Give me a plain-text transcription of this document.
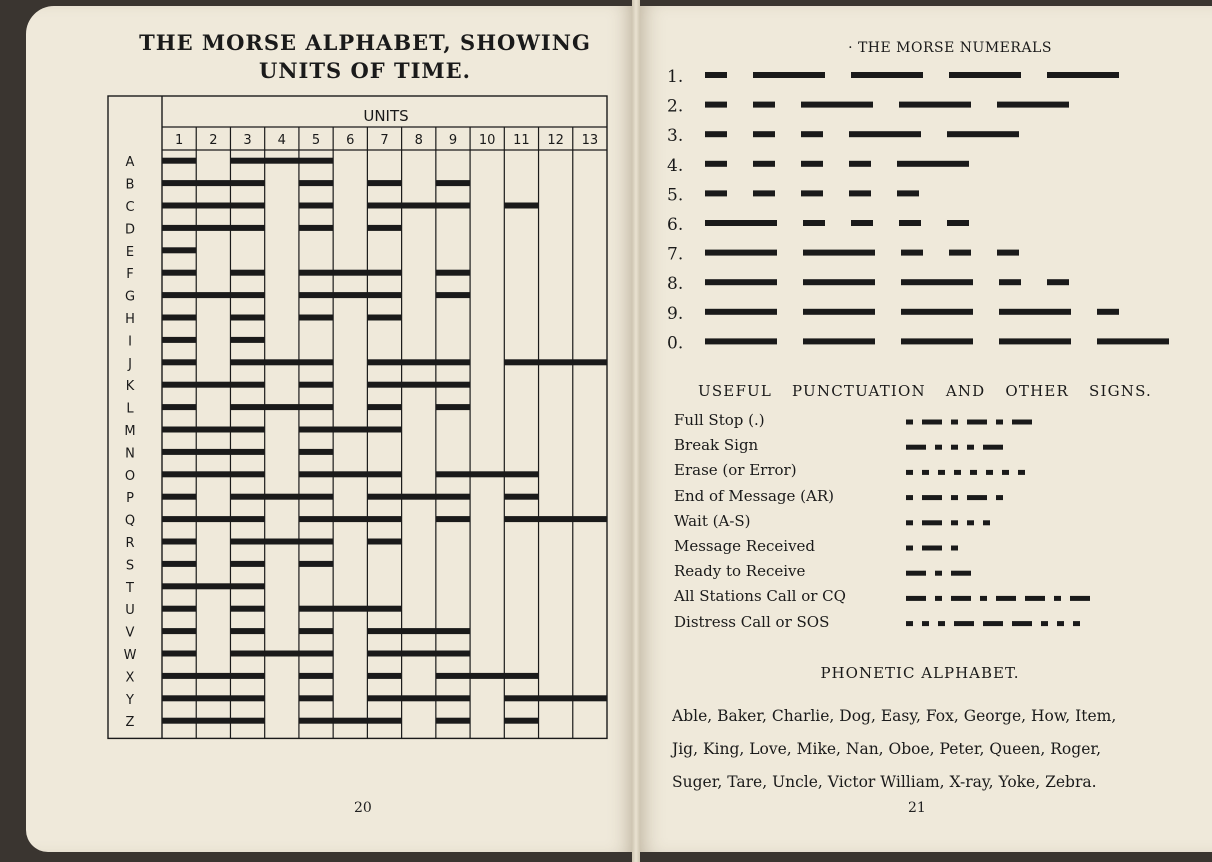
THE MORSE ALPHABET, SHOWING
UNITS OF TIME.
1 2 3 4 5 6 7 8 9 10 11 12 13
A
B
C
D
E
F
G
H
I
J
K
L
M
N
O
P
Q
R
S
T
U
V
W
X
Y
Z
UNITS
· THE MORSE NUMERALS
1.
2.
3.
4.
5.
6.
7.
8.
9.
0.
USEFUL PUNCTUATION AND OTHER SIGNS.
Full Stop (.)
Break Sign
Erase (or Error)
End of Message (AR)
Wait (A-S)
Message Received
Ready to Receive
All Stations Call or CQ
Distress Call or SOS
PHONETIC ALPHABET.
Able, Baker, Charlie, Dog, Easy, Fox, George, How, Item,
Jig, King, Love, Mike, Nan, Oboe, Peter, Queen, Roger,
Suger, Tare, Uncle, Victor William, X-ray, Yoke, Zebra.
20	21
